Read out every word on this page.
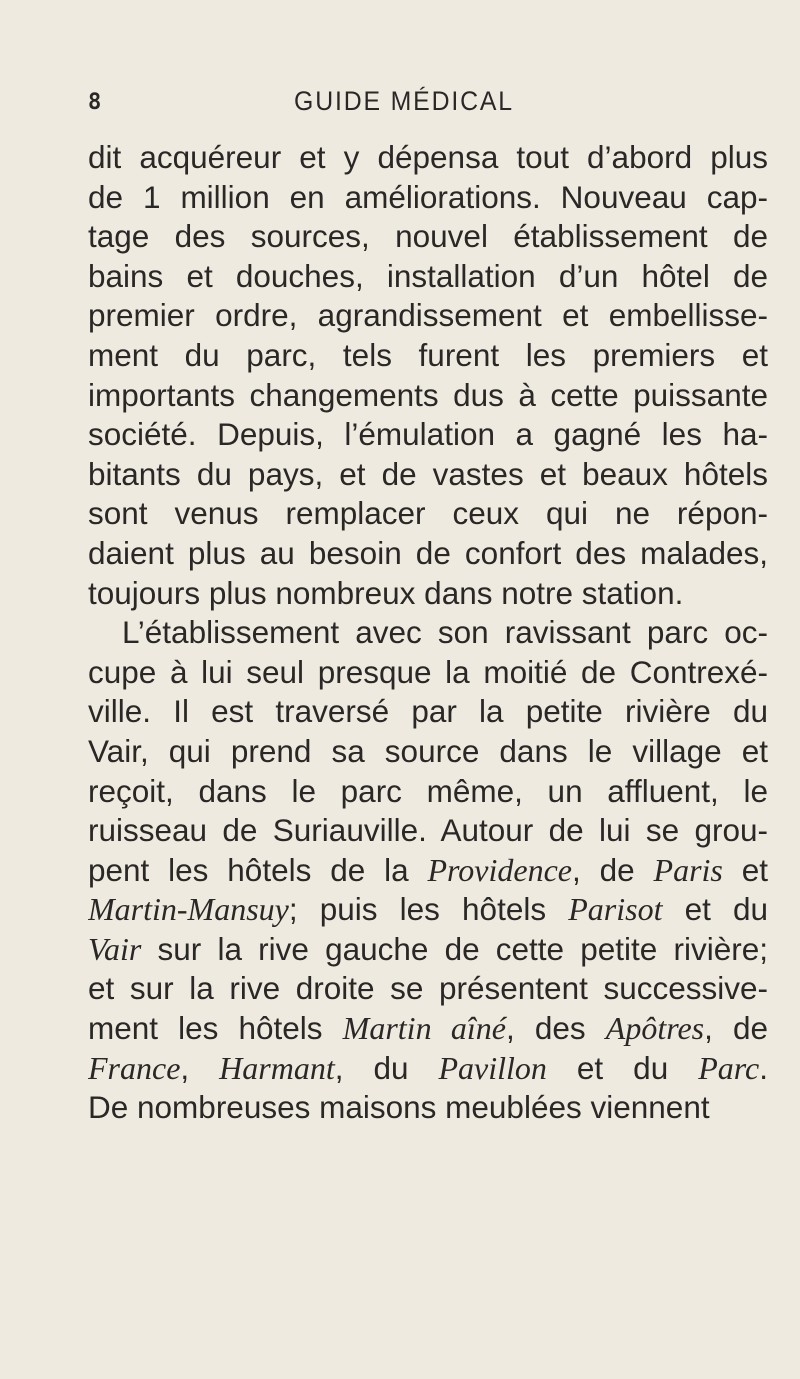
8	GUIDE MÉDICAL
dit acquéreur et y dépensa tout d’abord plus
de 1 million en améliorations. Nouveau cap-
tage des sources, nouvel établissement de
bains et douches, installation d’un hôtel de
premier ordre, agrandissement et embellisse-
ment du parc, tels furent les premiers et
importants changements dus à cette puissante
société. Depuis, l’émulation a gagné les ha-
bitants du pays, et de vastes et beaux hôtels
sont venus remplacer ceux qui ne répon-
daient plus au besoin de confort des malades,
toujours plus nombreux dans notre station.
L’établissement avec son ravissant parc oc-
cupe à lui seul presque la moitié de Contrexé-
ville. Il est traversé par la petite rivière du
Vair, qui prend sa source dans le village et
reçoit, dans le parc même, un affluent, le
ruisseau de Suriauville. Autour de lui se grou-
pent les hôtels de la Providence, de Paris et
Martin-Mansuy; puis les hôtels Parisot et du
Vair sur la rive gauche de cette petite rivière;
et sur la rive droite se présentent successive-
ment les hôtels Martin aîné, des Apôtres, de
France, Harmant, du Pavillon et du Parc.
De nombreuses maisons meublées viennent
